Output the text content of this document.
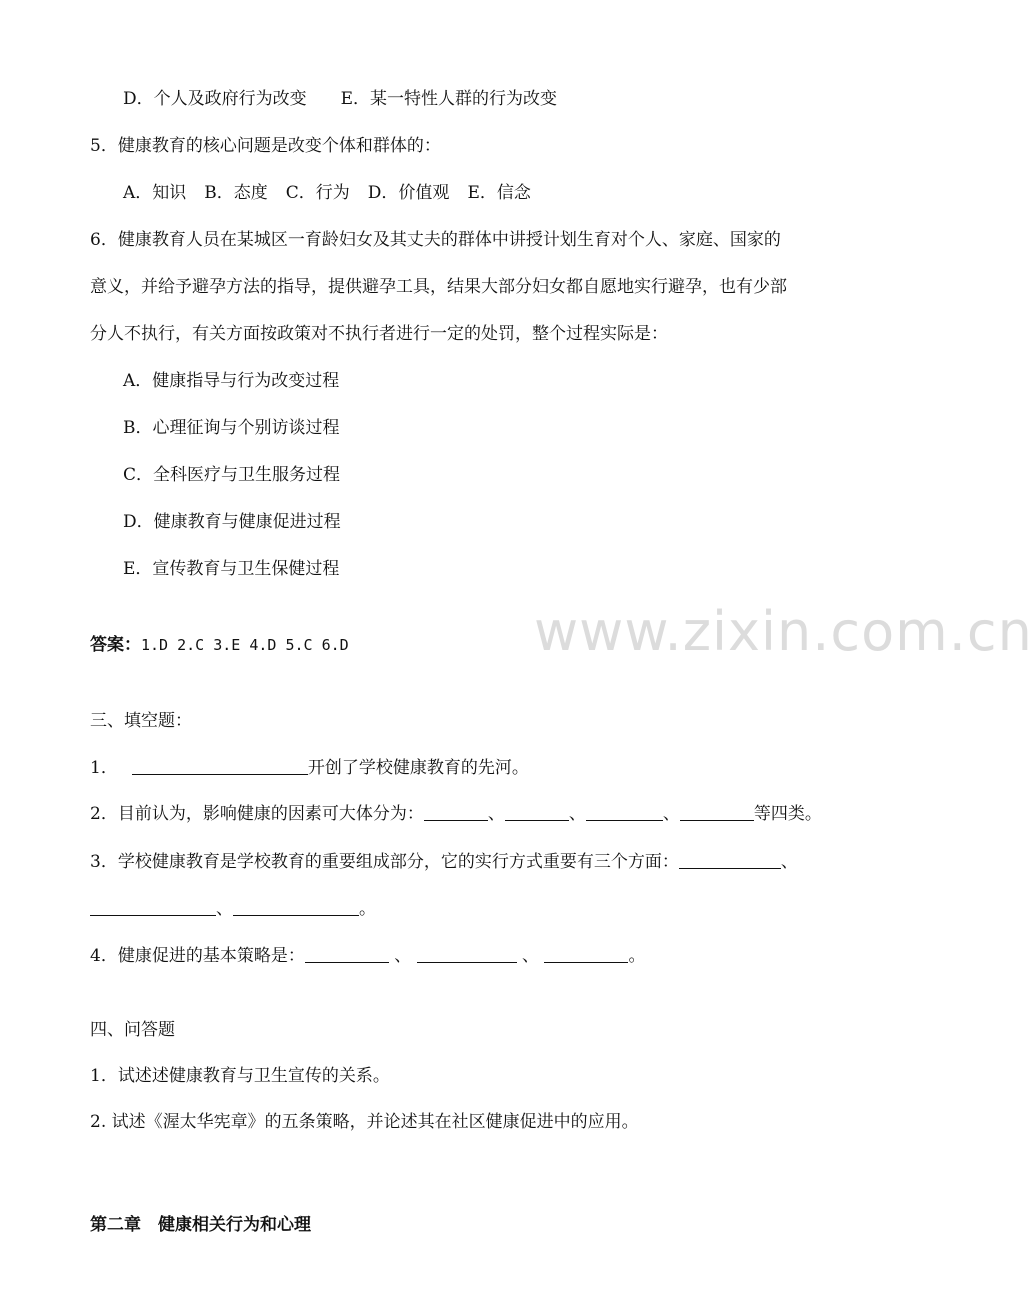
D．个人及政府行为改变 E．某一特性人群的行为改变
5．健康教育的核心问题是改变个体和群体的：
A．知识 B．态度 C．行为 D．价值观 E．信念
6．健康教育人员在某城区一育龄妇女及其丈夫的群体中讲授计划生育对个人、家庭、国家的
意义，并给予避孕方法的指导，提供避孕工具，结果大部分妇女都自愿地实行避孕，也有少部
分人不执行，有关方面按政策对不执行者进行一定的处罚，整个过程实际是：
A．健康指导与行为改变过程
B．心理征询与个别访谈过程
C．全科医疗与卫生服务过程
D．健康教育与健康促进过程
E．宣传教育与卫生保健过程
www.zixin.com.cn
答案：1.D 2.C 3.E 4.D 5.C 6.D
三、填空题：
1．	开创了学校健康教育的先河。
2．目前认为，影响健康的因素可大体分为：	、	、	、	等四类。
3．学校健康教育是学校教育的重要组成部分，它的实行方式重要有三个方面：	、
、	。
4．健康促进的基本策略是：	、	、	。
四、问答题
1．试述述健康教育与卫生宣传的关系。
2. 试述《渥太华宪章》的五条策略，并论述其在社区健康促进中的应用。
第二章 健康相关行为和心理
